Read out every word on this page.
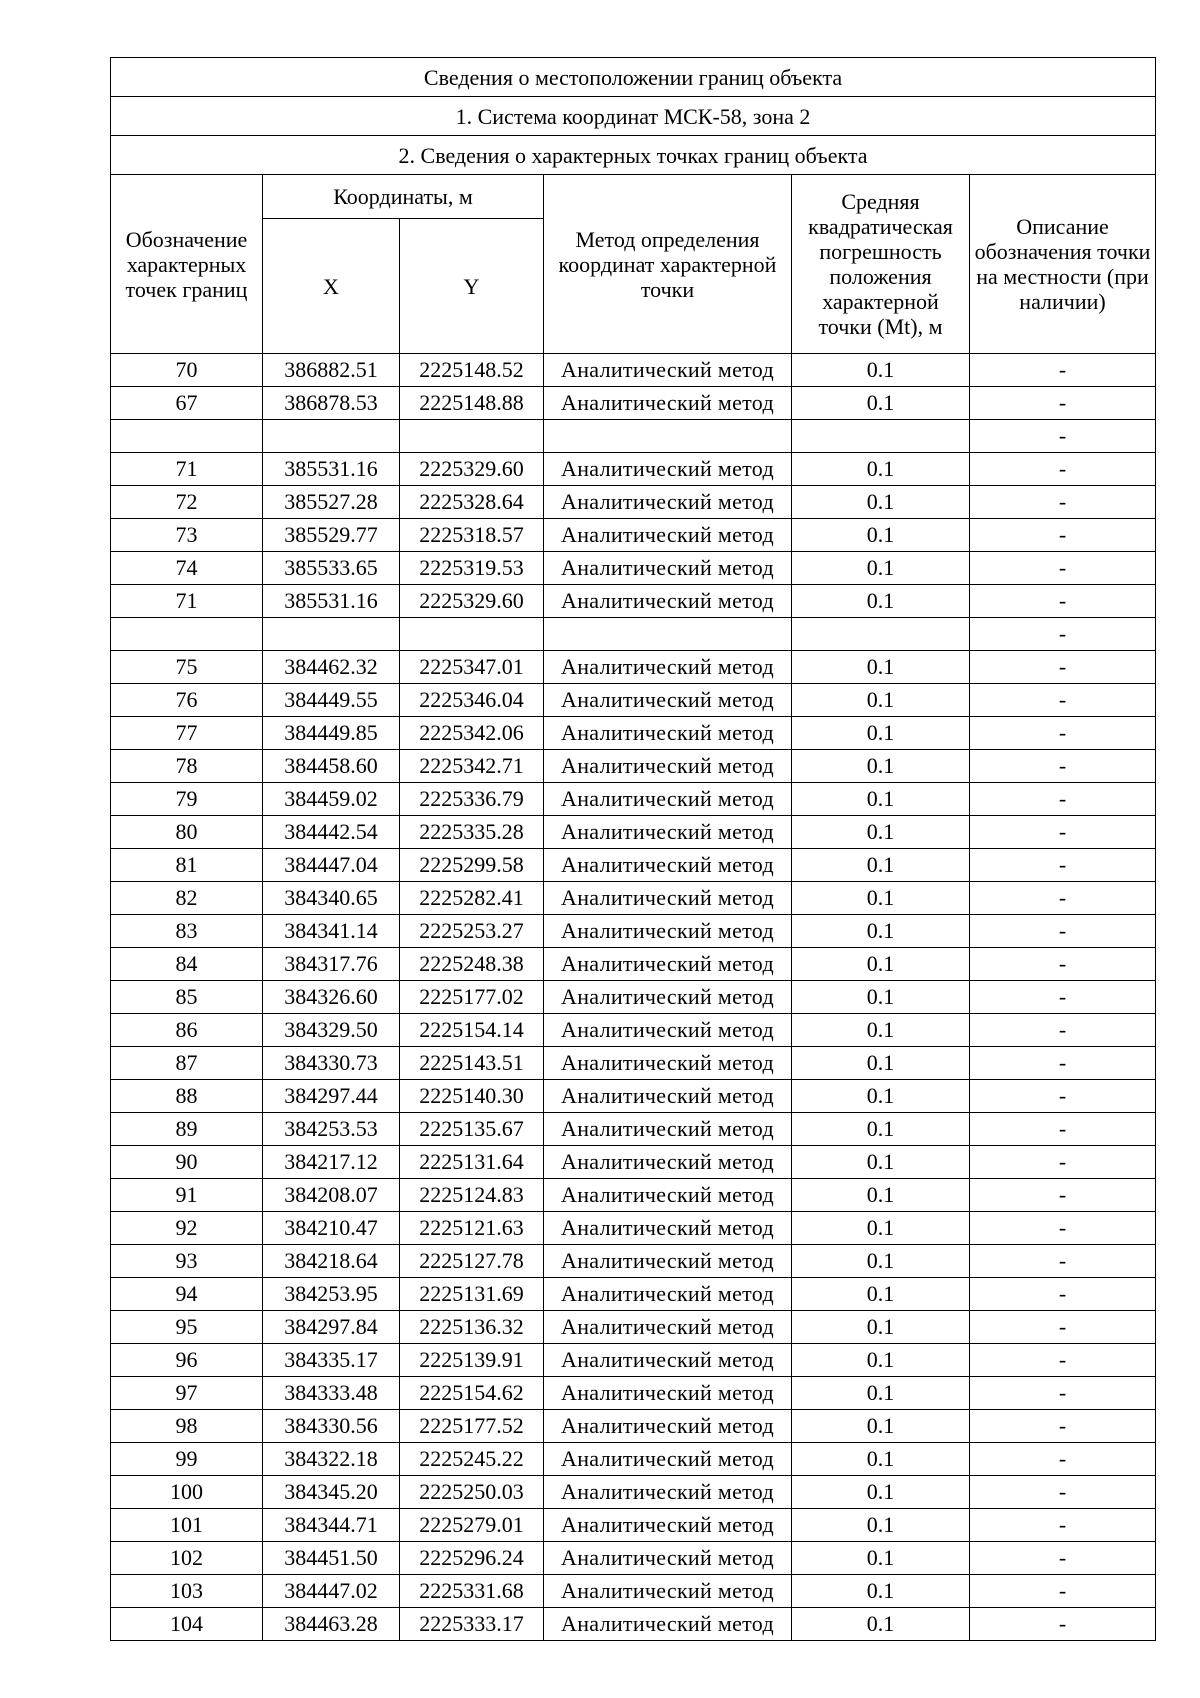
Сведения о местоположении границ объекта					
1. Система координат МСК-58, зона 2					
2. Сведения о характерных точках границ объекта					
Обозначение характерных точек границ	Координаты, м		Метод определения координат характерной точки	Средняя квадратическая погрешность положения характерной точки (Mt), м	Описание обозначения точки на местности (при наличии)
	X	Y			
70	386882.51	2225148.52	Аналитический метод	0.1	-
67	386878.53	2225148.88	Аналитический метод	0.1	-
					-
71	385531.16	2225329.60	Аналитический метод	0.1	-
72	385527.28	2225328.64	Аналитический метод	0.1	-
73	385529.77	2225318.57	Аналитический метод	0.1	-
74	385533.65	2225319.53	Аналитический метод	0.1	-
71	385531.16	2225329.60	Аналитический метод	0.1	-
					-
75	384462.32	2225347.01	Аналитический метод	0.1	-
76	384449.55	2225346.04	Аналитический метод	0.1	-
77	384449.85	2225342.06	Аналитический метод	0.1	-
78	384458.60	2225342.71	Аналитический метод	0.1	-
79	384459.02	2225336.79	Аналитический метод	0.1	-
80	384442.54	2225335.28	Аналитический метод	0.1	-
81	384447.04	2225299.58	Аналитический метод	0.1	-
82	384340.65	2225282.41	Аналитический метод	0.1	-
83	384341.14	2225253.27	Аналитический метод	0.1	-
84	384317.76	2225248.38	Аналитический метод	0.1	-
85	384326.60	2225177.02	Аналитический метод	0.1	-
86	384329.50	2225154.14	Аналитический метод	0.1	-
87	384330.73	2225143.51	Аналитический метод	0.1	-
88	384297.44	2225140.30	Аналитический метод	0.1	-
89	384253.53	2225135.67	Аналитический метод	0.1	-
90	384217.12	2225131.64	Аналитический метод	0.1	-
91	384208.07	2225124.83	Аналитический метод	0.1	-
92	384210.47	2225121.63	Аналитический метод	0.1	-
93	384218.64	2225127.78	Аналитический метод	0.1	-
94	384253.95	2225131.69	Аналитический метод	0.1	-
95	384297.84	2225136.32	Аналитический метод	0.1	-
96	384335.17	2225139.91	Аналитический метод	0.1	-
97	384333.48	2225154.62	Аналитический метод	0.1	-
98	384330.56	2225177.52	Аналитический метод	0.1	-
99	384322.18	2225245.22	Аналитический метод	0.1	-
100	384345.20	2225250.03	Аналитический метод	0.1	-
101	384344.71	2225279.01	Аналитический метод	0.1	-
102	384451.50	2225296.24	Аналитический метод	0.1	-
103	384447.02	2225331.68	Аналитический метод	0.1	-
104	384463.28	2225333.17	Аналитический метод	0.1	-
